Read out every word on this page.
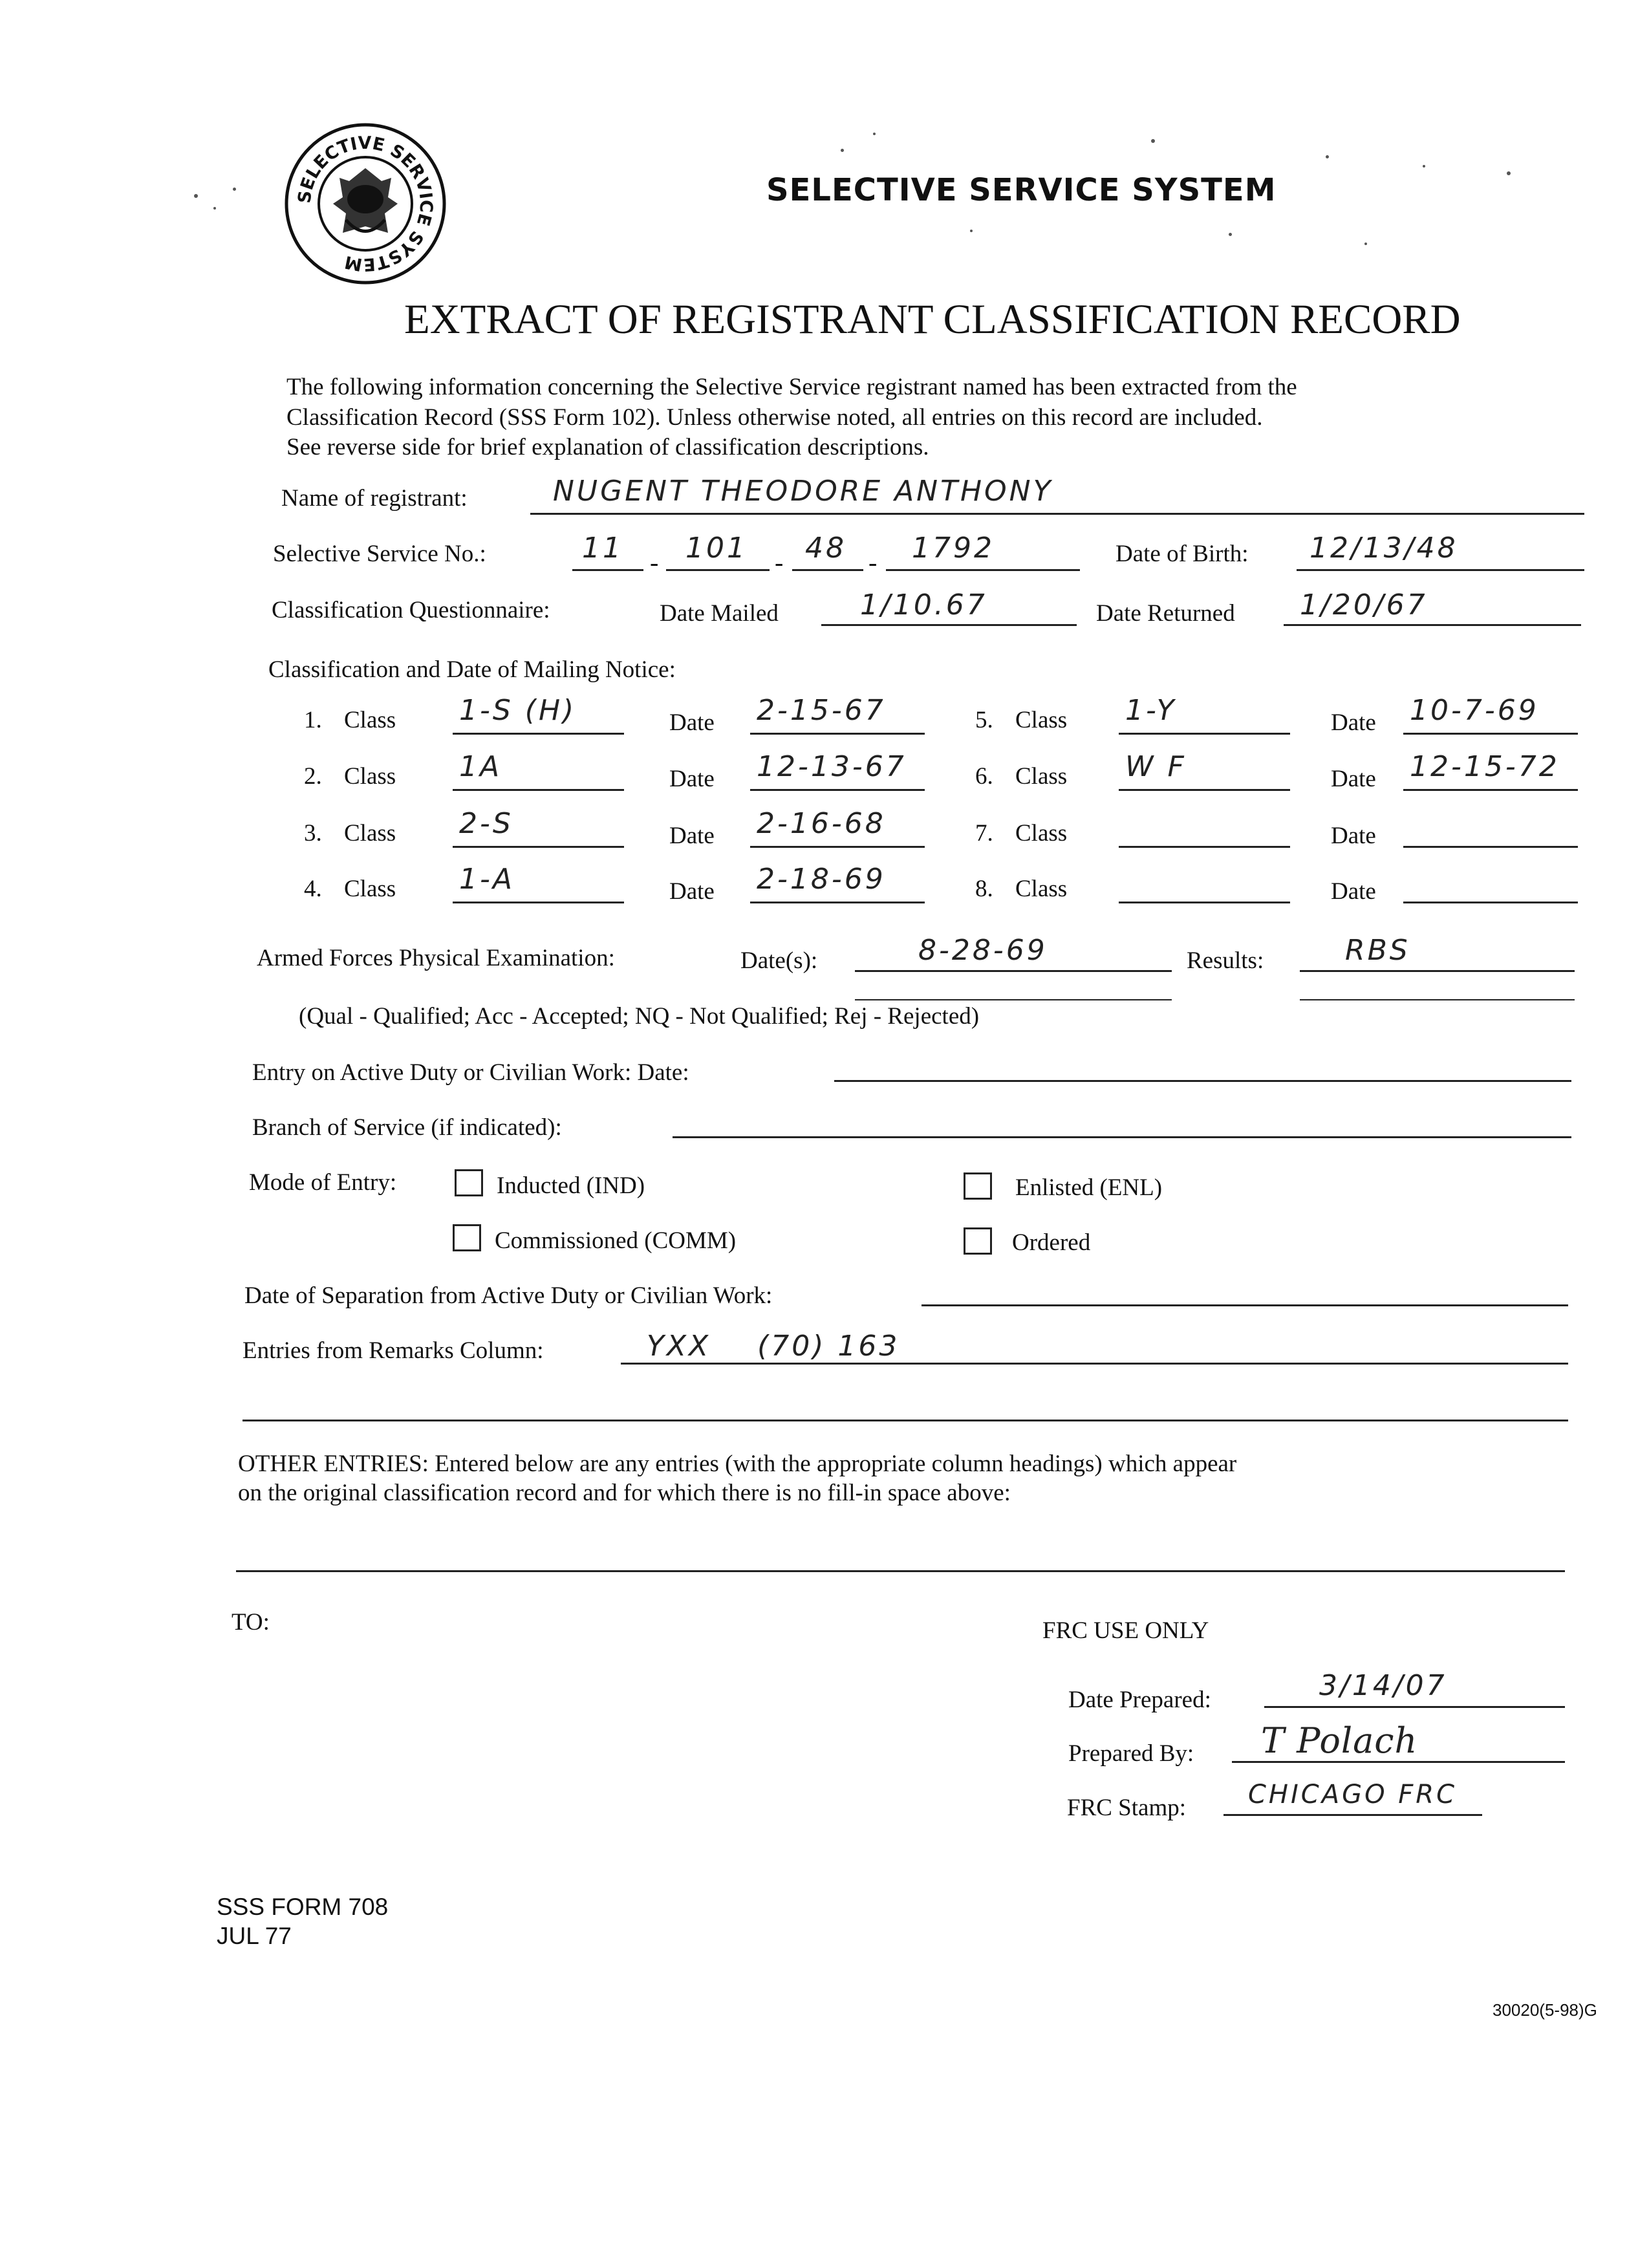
SELECTIVE SERVICE SYSTEM
SELECTIVE SERVICE SYSTEM
EXTRACT OF REGISTRANT CLASSIFICATION RECORD
The following information concerning the Selective Service registrant named has been extracted from the
Classification Record (SSS Form 102). Unless otherwise noted, all entries on this record are included.
See reverse side for brief explanation of classification descriptions.
Name of registrant:	NUGENT THEODORE ANTHONY
Selective Service No.:	-	-	-
11 101 48 1792	Date of Birth: 12/13/48
Classification Questionnaire:	Date Mailed	1/10.67	Date Returned 1/20/67
Classification and Date of Mailing Notice:
1. Class 1-S (H)	Date 2-15-67
2. Class 1A	Date 12-13-67
3. Class 2-S	Date 2-16-68
4. Class 1-A	Date 2-18-69
5. Class 1-Y	Date 10-7-69
6. Class W F	Date 12-15-72
7. Class	Date
8. Class	Date
Armed Forces Physical Examination:	Date(s):	8-28-69	Results:	RBS
(Qual - Qualified; Acc - Accepted; NQ - Not Qualified; Rej - Rejected)
Entry on Active Duty or Civilian Work: Date:
Branch of Service (if indicated):
Mode of Entry:	Inducted (IND)	Enlisted (ENL)
Commissioned (COMM)	Ordered
Date of Separation from Active Duty or Civilian Work:
Entries from Remarks Column:	YXX    (70) 163
OTHER ENTRIES: Entered below are any entries (with the appropriate column headings) which appear
on the original classification record and for which there is no fill-in space above:
TO:	FRC USE ONLY
Date Prepared:	3/14/07
Prepared By: T Polach
FRC Stamp: CHICAGO FRC
SSS FORM 708
JUL 77
30020(5-98)G
